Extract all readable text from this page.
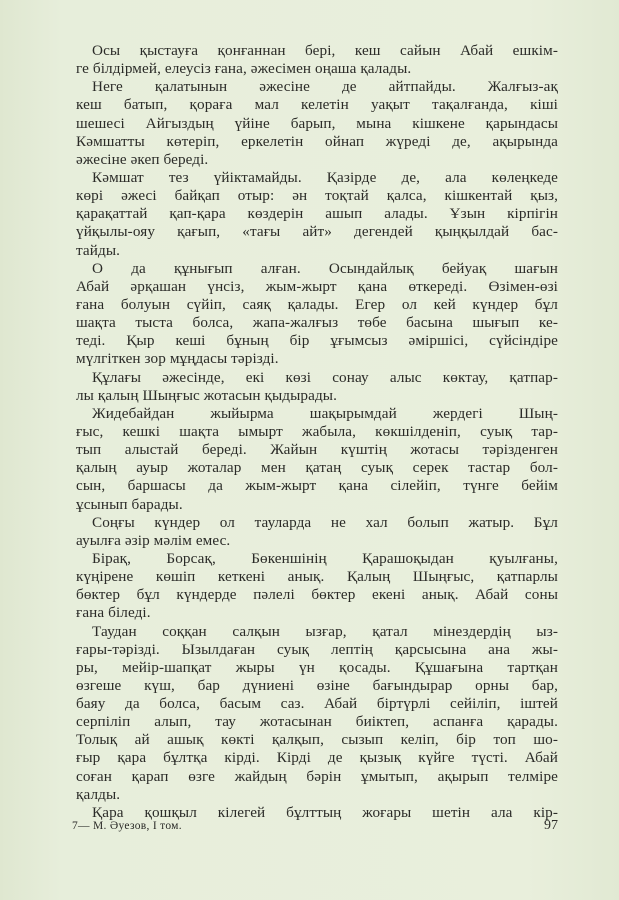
Осы қыстауға қонғаннан бері, кеш сайын Абай ешкім-
ге білдірмей, елеусіз ғана, әжесімен оңаша қалады.
Неге қалатынын әжесіне де айтпайды. Жалғыз-ақ
кеш батып, қораға мал келетін уақыт тақалғанда, кіші
шешесі Айгыздың үйіне барып, мына кішкене қарындасы
Кәмшатты көтеріп, еркелетін ойнап жүреді де, ақырында
әжесіне әкеп береді.
Кәмшат тез үйіктамайды. Қазірде де, ала көлеңкеде
көрі әжесі байқап отыр: ән тоқтай қалса, кішкентай қыз,
қарақаттай қап-қара көздерін ашып алады. Ұзын кірпігін
үйқылы-ояу қағып, «тағы айт» дегендей қыңқылдай бас-
тайды.
О да құнығып алған. Осындайлық бейуақ шағын
Абай әрқашан үнсіз, жым-жырт қана өткереді. Өзімен-өзі
ғана болуын сүйіп, саяқ қалады. Егер ол кей күндер бұл
шақта тыста болса, жапа-жалғыз төбе басына шығып ке-
теді. Қыр кеші бұның бір ұғымсыз әміршісі, сүйсіндіре
мүлгіткен зор мұңдасы тәрізді.
Құлағы әжесінде, екі көзі сонау алыс көктау, қатпар-
лы қалың Шыңғыс жотасын қыдырады.
Жидебайдан жыйырма шақырымдай жердегі Шың-
ғыс, кешкі шақта ымырт жабыла, көкшілденіп, суық тар-
тып алыстай береді. Жайын күштің жотасы тәрізденген
қалың ауыр жоталар мен қатаң суық серек тастар бол-
сын, баршасы да жым-жырт қана сілейіп, түнге бейім
ұсынып барады.
Соңғы күндер ол тауларда не хал болып жатыр. Бұл
ауылға әзір мәлім емес.
Бірақ, Борсақ, Бөкеншінің Қарашоқыдан қуылғаны,
күңірене көшіп кеткені анық. Қалың Шыңғыс, қатпарлы
бөктер бұл күндерде пәлелі бөктер екені анық. Абай соны
ғана біледі.
Таудан соққан салқын ызғар, қатал мінездердің ыз-
ғары-тәрізді. Ызылдаған суық лептің қарсысына ана жы-
ры, мейір-шапқат жыры үн қосады. Құшағына тартқан
өзгеше күш, бар дүниені өзіне бағындырар орны бар,
баяу да болса, басым саз. Абай біртүрлі сейіліп, іштей
серпіліп алып, тау жотасынан биіктеп, аспанға қарады.
Толық ай ашық көкті қалқып, сызып келіп, бір топ шо-
ғыр қара бұлтқа кірді. Кірді де қызық күйге түсті. Абай
соған қарап өзге жайдың бәрін ұмытып, ақырып телміре
қалды.
Қара қошқыл кілегей бұлттың жоғары шетін ала кір-
7— М. Әуезов, I том.	97
